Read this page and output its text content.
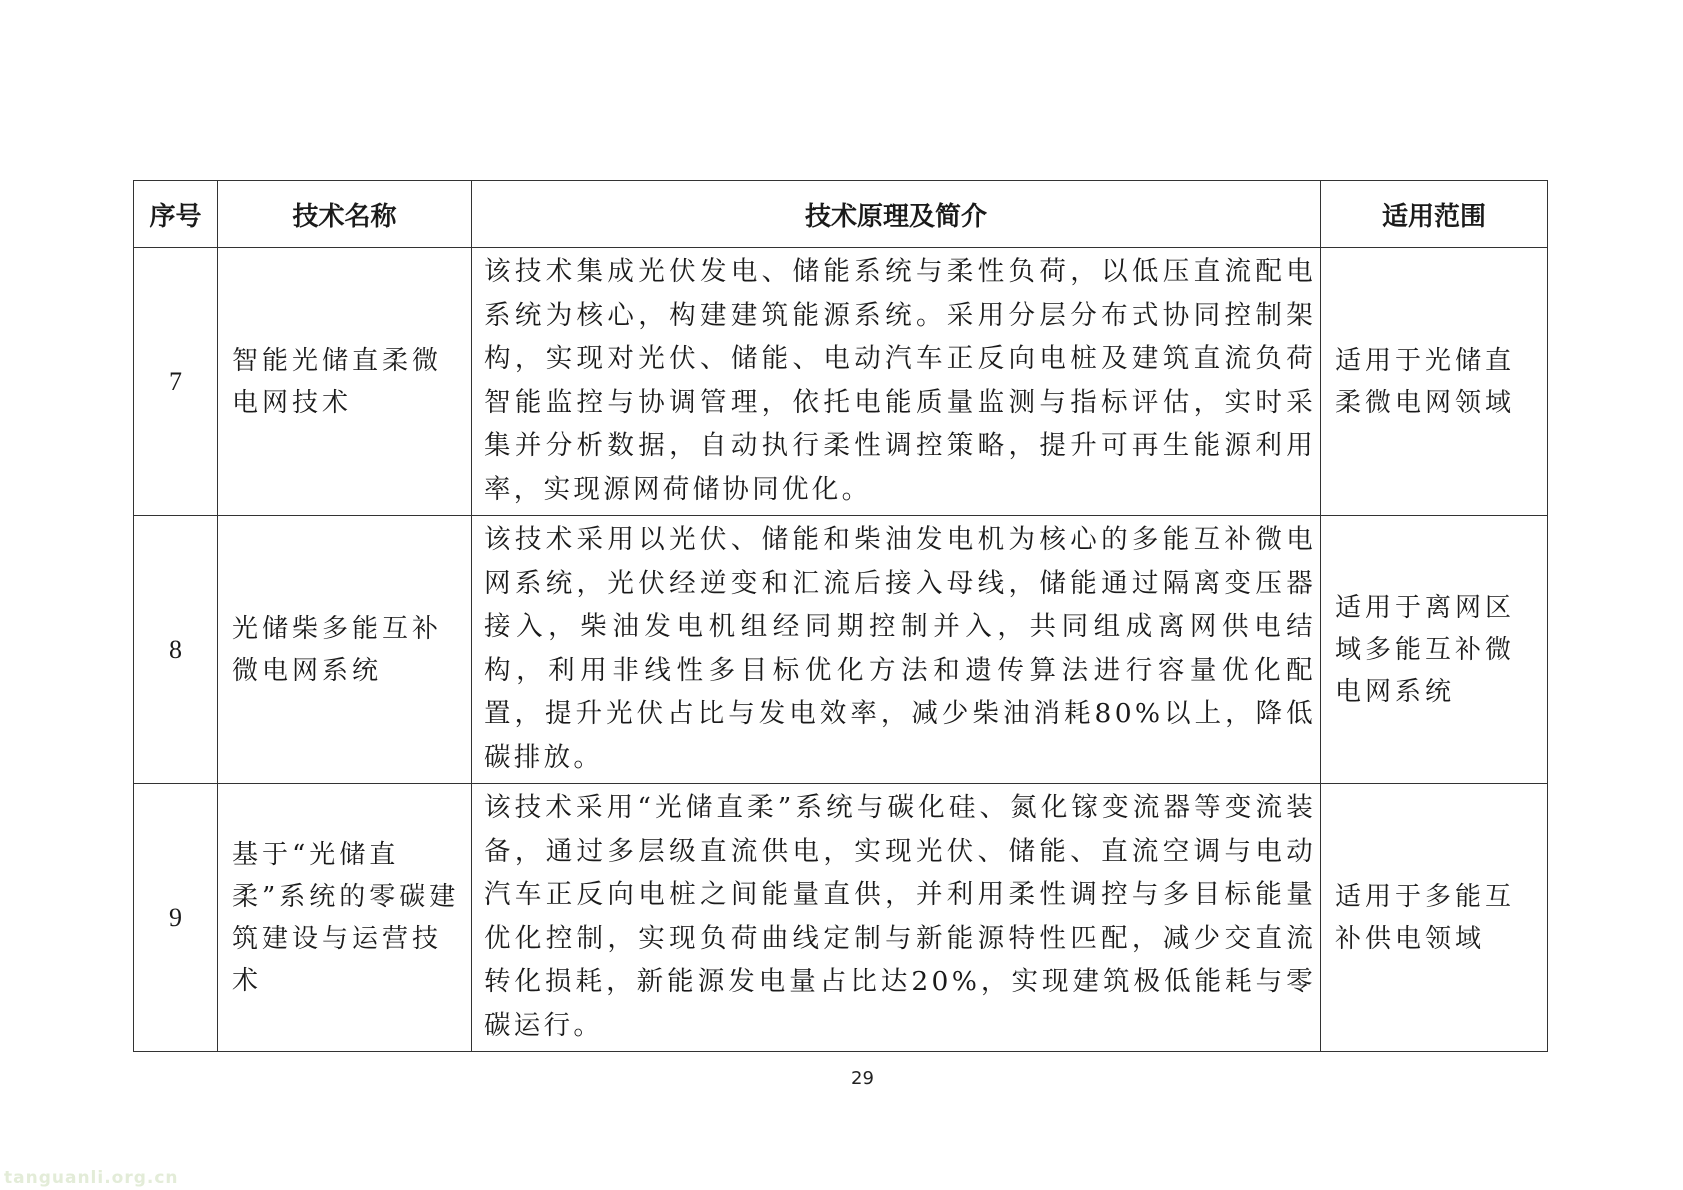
序号	技术名称	技术原理及简介	适用范围
7	智能光储直柔微电网技术	该技术集成光伏发电、储能系统与柔性负荷，以低压直流配电系统为核心，构建建筑能源系统。采用分层分布式协同控制架构，实现对光伏、储能、电动汽车正反向电桩及建筑直流负荷智能监控与协调管理，依托电能质量监测与指标评估，实时采集并分析数据，自动执行柔性调控策略，提升可再生能源利用率，实现源网荷储协同优化。	适用于光储直柔微电网领域
8	光储柴多能互补微电网系统	该技术采用以光伏、储能和柴油发电机为核心的多能互补微电网系统，光伏经逆变和汇流后接入母线，储能通过隔离变压器接入，柴油发电机组经同期控制并入，共同组成离网供电结构，利用非线性多目标优化方法和遗传算法进行容量优化配置，提升光伏占比与发电效率，减少柴油消耗80%以上，降低碳排放。	适用于离网区域多能互补微电网系统
9	基于“光储直柔”系统的零碳建筑建设与运营技术	该技术采用“光储直柔”系统与碳化硅、氮化镓变流器等变流装备，通过多层级直流供电，实现光伏、储能、直流空调与电动汽车正反向电桩之间能量直供，并利用柔性调控与多目标能量优化控制，实现负荷曲线定制与新能源特性匹配，减少交直流转化损耗，新能源发电量占比达20%，实现建筑极低能耗与零碳运行。	适用于多能互补供电领域
29
tanguanli.org.cn
